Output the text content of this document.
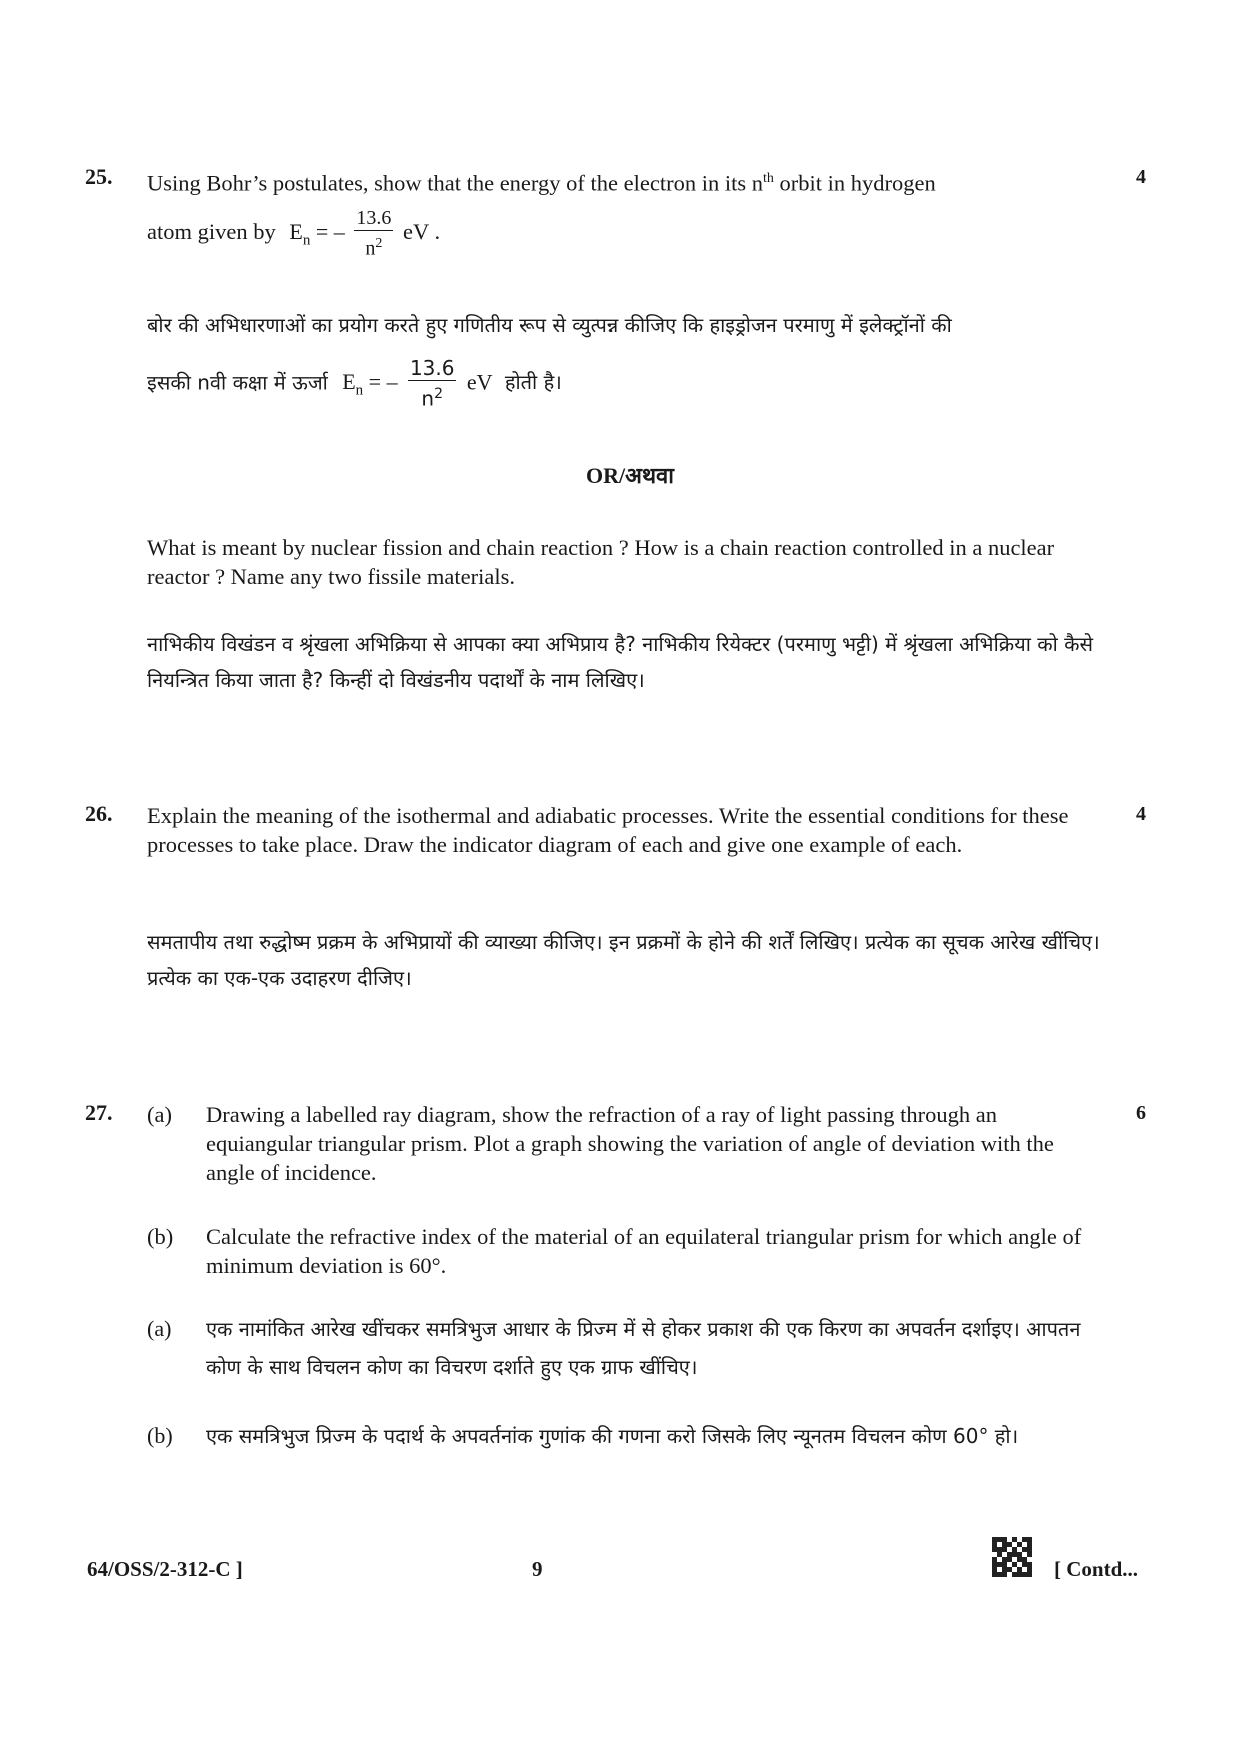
25.	4
Using Bohr’s postulates, show that the energy of the electron in its $n^{th}$ orbit in hydrogen
atom given by $E_n$ = – $\frac{13.6}{n^2}$ eV .
बोर की अभिधारणाओं का प्रयोग करते हुए गणितीय रूप से व्युत्पन्न कीजिए कि हाइड्रोजन परमाणु में इलेक्ट्रॉनों की
इसकी nवी कक्षा में ऊर्जा $E_n$ = – $\frac{13.6}{n^2}$ eV होती है।
OR/अथवा
What is meant by nuclear fission and chain reaction ? How is a chain reaction controlled in a nuclear reactor ? Name any two fissile materials.
नाभिकीय विखंडन व श्रृंखला अभिक्रिया से आपका क्या अभिप्राय है? नाभिकीय रियेक्टर (परमाणु भट्टी) में श्रृंखला अभिक्रिया को कैसे नियन्त्रित किया जाता है? किन्हीं दो विखंडनीय पदार्थों के नाम लिखिए।
26.	4
Explain the meaning of the isothermal and adiabatic processes. Write the essential conditions for these processes to take place. Draw the indicator diagram of each and give one example of each.
समतापीय तथा रुद्धोष्म प्रक्रम के अभिप्रायों की व्याख्या कीजिए। इन प्रक्रमों के होने की शर्तें लिखिए। प्रत्येक का सूचक आरेख खींचिए। प्रत्येक का एक-एक उदाहरण दीजिए।
27.	6
(a) Drawing a labelled ray diagram, show the refraction of a ray of light passing through an equiangular triangular prism. Plot a graph showing the variation of angle of deviation with the angle of incidence.
(b) Calculate the refractive index of the material of an equilateral triangular prism for which angle of minimum deviation is 60°.
(a) एक नामांकित आरेख खींचकर समत्रिभुज आधार के प्रिज्म में से होकर प्रकाश की एक किरण का अपवर्तन दर्शाइए। आपतन कोण के साथ विचलन कोण का विचरण दर्शाते हुए एक ग्राफ खींचिए।
(b) एक समत्रिभुज प्रिज्म के पदार्थ के अपवर्तनांक गुणांक की गणना करो जिसके लिए न्यूनतम विचलन कोण 60° हो।
64/OSS/2-312-C ]	9	[ Contd...
